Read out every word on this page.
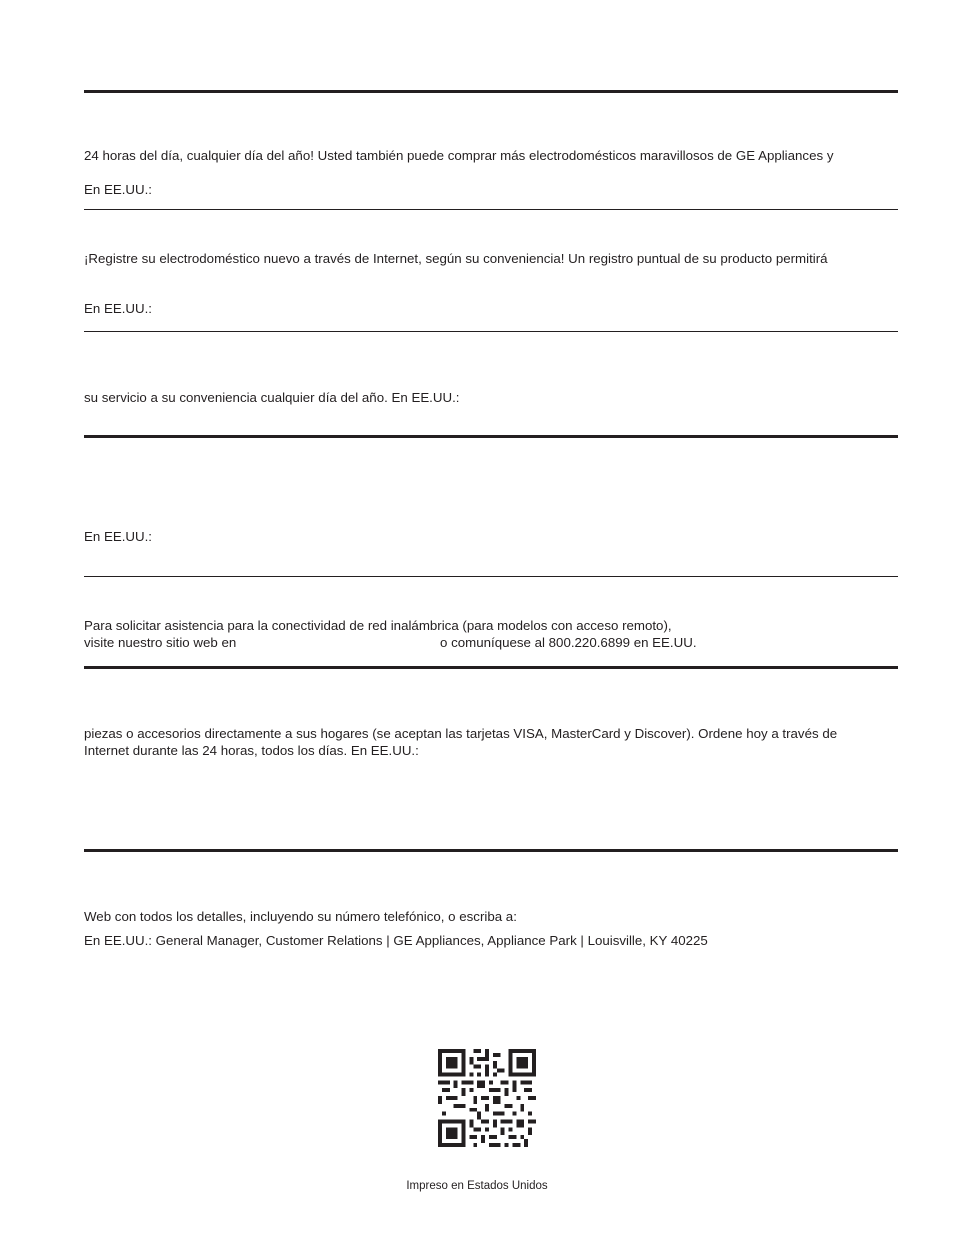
24 horas del día, cualquier día del año! Usted también puede comprar más electrodomésticos maravillosos de GE Appliances y
En EE.UU.:
¡Registre su electrodoméstico nuevo a través de Internet, según su conveniencia! Un registro puntual de su producto permitirá
En EE.UU.:
su servicio a su conveniencia cualquier día del año. En EE.UU.:
En EE.UU.:
Para solicitar asistencia para la conectividad de red inalámbrica (para modelos con acceso remoto),
visite nuestro sitio web en	o comuníquese al 800.220.6899 en EE.UU.
piezas o accesorios directamente a sus hogares (se aceptan las tarjetas VISA, MasterCard y Discover). Ordene hoy a través de
Internet durante las 24 horas, todos los días. En EE.UU.:
Web con todos los detalles, incluyendo su número telefónico, o escriba a:
En EE.UU.: General Manager, Customer Relations | GE Appliances, Appliance Park | Louisville, KY 40225
Impreso en Estados Unidos
